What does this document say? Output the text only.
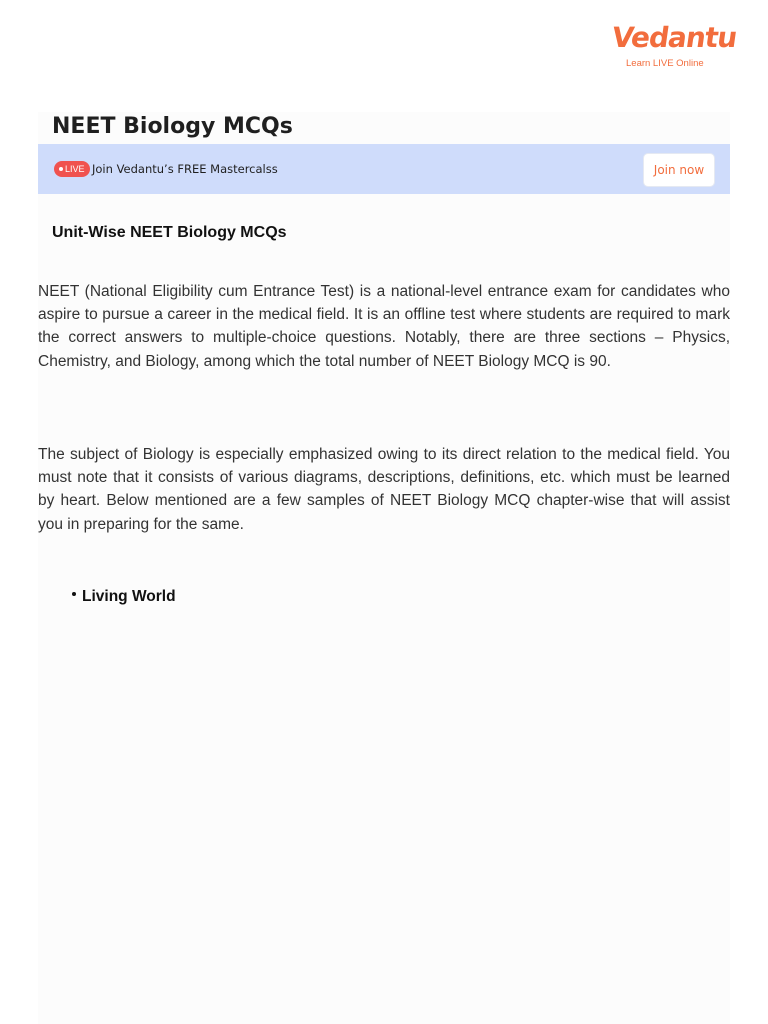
Vedantu
Learn LIVE Online
NEET Biology MCQs
LIVE Join Vedantu’s FREE Mastercalss	Join now
Unit-Wise NEET Biology MCQs

NEET (National Eligibility cum Entrance Test) is a national-level entrance exam for candidates who aspire to pursue a career in the medical field. It is an offline test where students are required to mark the correct answers to multiple-choice questions. Notably, there are three sections – Physics, Chemistry, and Biology, among which the total number of NEET Biology MCQ is 90.

The subject of Biology is especially emphasized owing to its direct relation to the medical field. You must note that it consists of various diagrams, descriptions, definitions, etc. which must be learned by heart. Below mentioned are a few samples of NEET Biology MCQ chapter-wise that will assist you in preparing for the same.

Living World
